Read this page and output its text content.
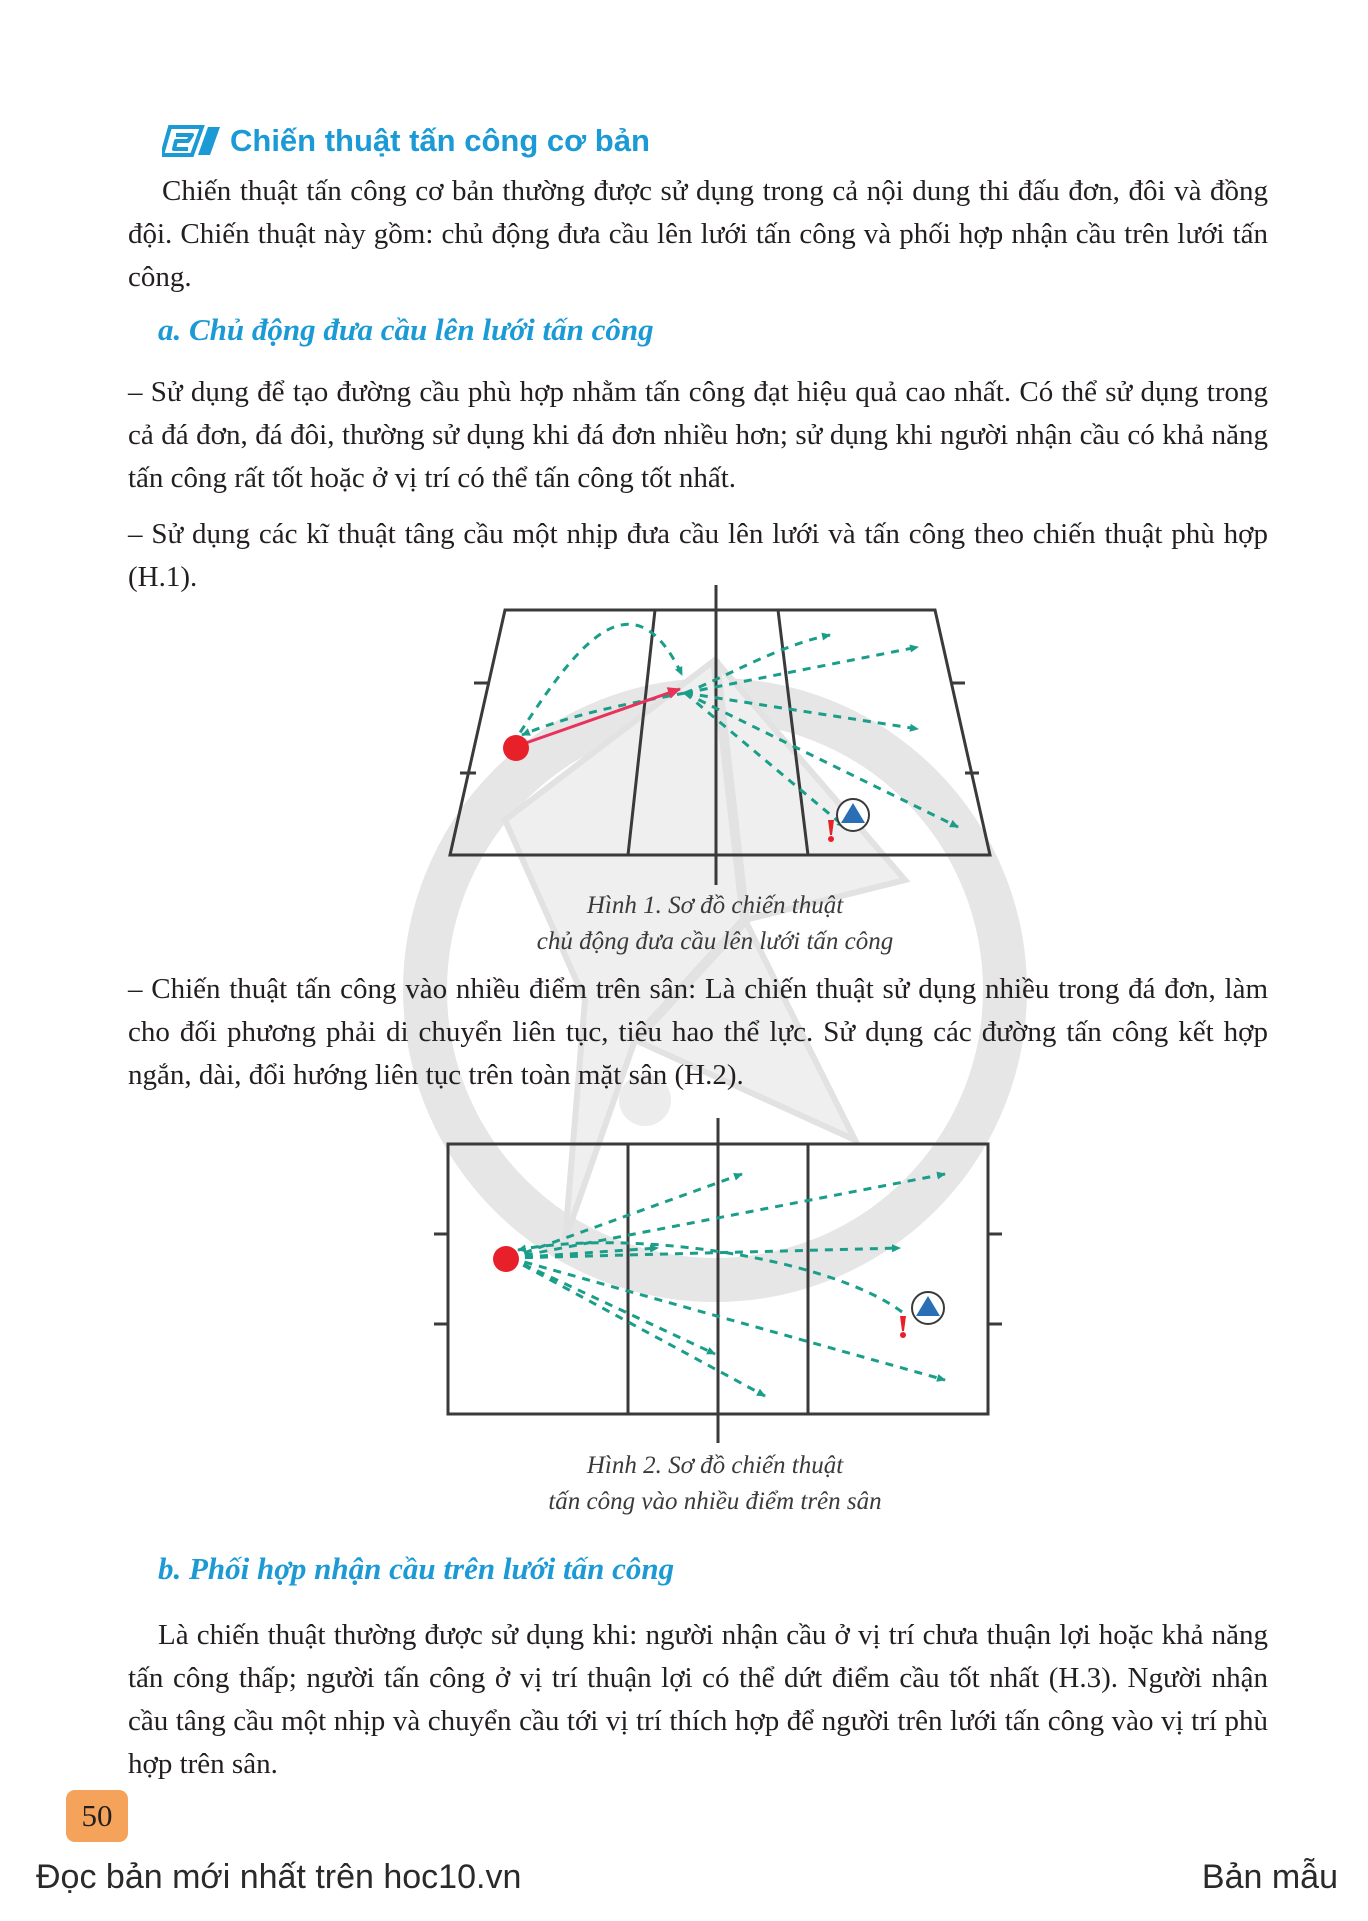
Chiến thuật tấn công cơ bản
Chiến thuật tấn công cơ bản thường được sử dụng trong cả nội dung thi đấu đơn, đôi và đồng đội. Chiến thuật này gồm: chủ động đưa cầu lên lưới tấn công và phối hợp nhận cầu trên lưới tấn công.
a. Chủ động đưa cầu lên lưới tấn công
– Sử dụng để tạo đường cầu phù hợp nhằm tấn công đạt hiệu quả cao nhất. Có thể sử dụng trong cả đá đơn, đá đôi, thường sử dụng khi đá đơn nhiều hơn; sử dụng khi người nhận cầu có khả năng tấn công rất tốt hoặc ở vị trí có thể tấn công tốt nhất.
– Sử dụng các kĩ thuật tâng cầu một nhịp đưa cầu lên lưới và tấn công theo chiến thuật phù hợp (H.1).
Hình 1. Sơ đồ chiến thuật
chủ động đưa cầu lên lưới tấn công
– Chiến thuật tấn công vào nhiều điểm trên sân: Là chiến thuật sử dụng nhiều trong đá đơn, làm cho đối phương phải di chuyển liên tục, tiêu hao thể lực. Sử dụng các đường tấn công kết hợp ngắn, dài, đổi hướng liên tục trên toàn mặt sân (H.2).
Hình 2. Sơ đồ chiến thuật
tấn công vào nhiều điểm trên sân
b. Phối hợp nhận cầu trên lưới tấn công
Là chiến thuật thường được sử dụng khi: người nhận cầu ở vị trí chưa thuận lợi hoặc khả năng tấn công thấp; người tấn công ở vị trí thuận lợi có thể dứt điểm cầu tốt nhất (H.3). Người nhận cầu tâng cầu một nhịp và chuyển cầu tới vị trí thích hợp để người trên lưới tấn công vào vị trí phù hợp trên sân.
50
Đọc bản mới nhất trên hoc10.vn	Bản mẫu
